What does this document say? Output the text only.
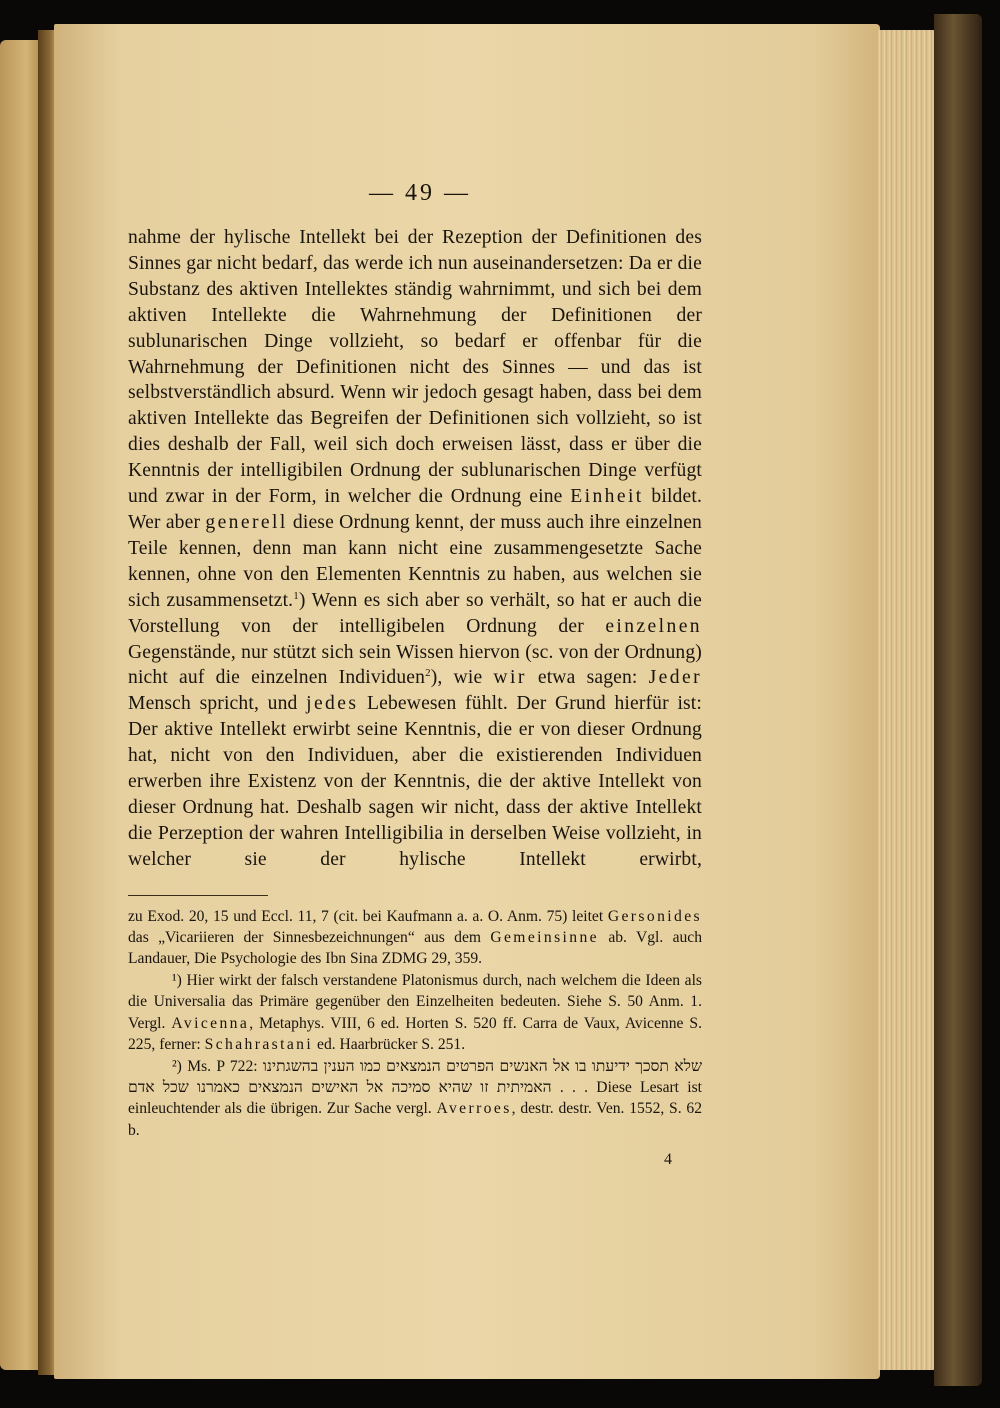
— 49 —

nahme der hylische Intellekt bei der Rezeption der Definitionen des Sinnes gar nicht bedarf, das werde ich nun auseinandersetzen: Da er die Substanz des aktiven Intellektes ständig wahrnimmt, und sich bei dem aktiven Intellekte die Wahrnehmung der Definitionen der sublunarischen Dinge vollzieht, so bedarf er offenbar für die Wahrnehmung der Definitionen nicht des Sinnes — und das ist selbstverständlich absurd. Wenn wir jedoch gesagt haben, dass bei dem aktiven Intellekte das Begreifen der Definitionen sich vollzieht, so ist dies deshalb der Fall, weil sich doch erweisen lässt, dass er über die Kenntnis der intelligibilen Ordnung der sublunarischen Dinge verfügt und zwar in der Form, in welcher die Ordnung eine Einheit bildet. Wer aber generell diese Ordnung kennt, der muss auch ihre einzelnen Teile kennen, denn man kann nicht eine zusammengesetzte Sache kennen, ohne von den Elementen Kenntnis zu haben, aus welchen sie sich zusammensetzt.$^1$) Wenn es sich aber so verhält, so hat er auch die Vorstellung von der intelligibelen Ordnung der einzelnen Gegenstände, nur stützt sich sein Wissen hiervon (sc. von der Ordnung) nicht auf die einzelnen Individuen$^2$), wie wir etwa sagen: Jeder Mensch spricht, und jedes Lebewesen fühlt. Der Grund hierfür ist: Der aktive Intellekt erwirbt seine Kenntnis, die er von dieser Ordnung hat, nicht von den Individuen, aber die existierenden Individuen erwerben ihre Existenz von der Kenntnis, die der aktive Intellekt von dieser Ordnung hat. Deshalb sagen wir nicht, dass der aktive Intellekt die Perzeption der wahren Intelligibilia in derselben Weise vollzieht, in welcher sie der hylische Intellekt erwirbt,

zu Exod. 20, 15 und Eccl. 11, 7 (cit. bei Kaufmann a. a. O. Anm. 75) leitet Gersonides das „Vicariieren der Sinnesbezeichnungen“ aus dem Gemeinsinne ab. Vgl. auch Landauer, Die Psychologie des Ibn Sina ZDMG 29, 359.

¹) Hier wirkt der falsch verstandene Platonismus durch, nach welchem die Ideen als die Universalia das Primäre gegenüber den Einzelheiten bedeuten. Siehe S. 50 Anm. 1. Vergl. Avicenna, Metaphys. VIII, 6 ed. Horten S. 520 ff. Carra de Vaux, Avicenne S. 225, ferner: Schahrastani ed. Haarbrücker S. 251.

²) Ms. P 722: שלא תסכך ידיעתו בו אל האנשים הפרטים הנמצאים כמו הענין בהשגתינו האמיתית זו שהיא סמיכה אל האישים הנמצאים כאמרנו שכל אדם . . . Diese Lesart ist einleuchtender als die übrigen. Zur Sache vergl. Averroes, destr. destr. Ven. 1552, S. 62 b.

4
